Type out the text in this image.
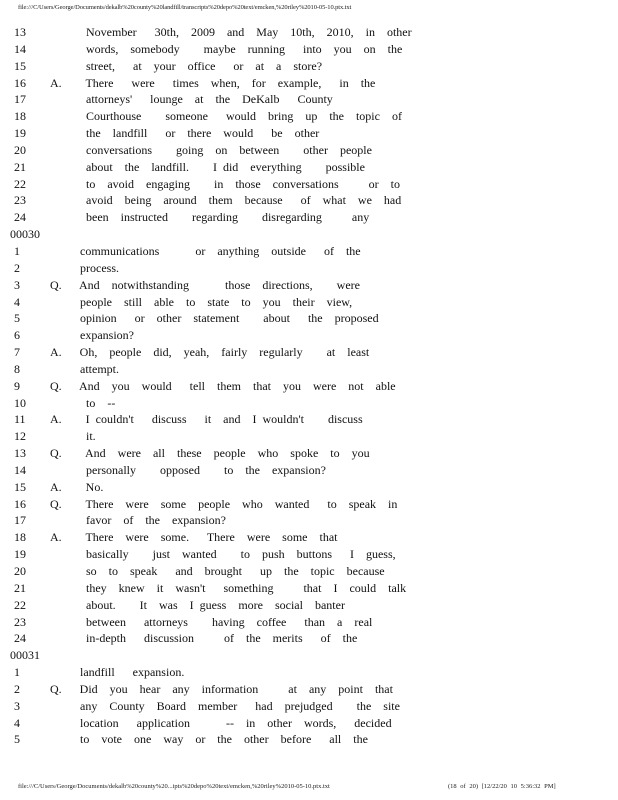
file:///C/Users/George/Documents/dekalb%20county%20landfill/transcripts%20depo%20text/emcken,%20riley%2010-05-10.ptx.txt
13	November   30th,  2009  and  May  10th,  2010,  in  other
14	words,  somebody    maybe  running   into  you  on  the
15	street,   at  your  office   or  at  a  store?
16	A.    There   were   times  when,  for  example,   in  the
17	attorneys'   lounge  at  the  DeKalb   County
18	Courthouse    someone   would  bring  up  the  topic  of
19	the  landfill   or  there  would   be  other
20	conversations    going  on  between    other  people
21	about  the  landfill.    I did  everything    possible
22	to  avoid  engaging    in  those  conversations     or  to
23	avoid  being  around  them  because   of  what  we  had
24	been  instructed    regarding    disregarding     any
00030
1	communications      or  anything  outside   of  the
2	process.
3	Q.   And  notwithstanding      those  directions,    were
4	people  still  able  to  state  to  you  their  view,
5	opinion   or  other  statement    about   the  proposed
6	expansion?
7	A.   Oh,  people  did,  yeah,  fairly  regularly    at  least
8	attempt.
9	Q.   And  you  would   tell  them  that  you  were  not  able
10	to  --
11	A.    I couldn't   discuss   it  and  I wouldn't    discuss
12	it.
13	Q.    And  were  all  these  people  who  spoke  to  you
14	personally    opposed    to  the  expansion?
15	A.    No.
16	Q.    There  were  some  people  who  wanted   to  speak  in
17	favor  of  the  expansion?
18	A.    There  were  some.   There  were  some  that
19	basically    just  wanted    to  push  buttons   I  guess,
20	so  to  speak   and  brought   up  the  topic  because
21	they  knew  it  wasn't   something     that  I  could  talk
22	about.    It  was  I guess  more  social  banter
23	between   attorneys    having  coffee   than  a  real
24	in-depth   discussion     of  the  merits   of  the
00031
1	landfill   expansion.
2	Q.   Did  you  hear  any  information     at  any  point  that
3	any  County  Board  member   had  prejudged    the  site
4	location   application      --  in  other  words,   decided
5	to  vote  one  way  or  the  other  before   all  the
file:///C/Users/George/Documents/dekalb%20county%20...ipts%20depo%20text/emcken,%20riley%2010-05-10.ptx.txt	(18 of 20) [12/22/20 10 5:36:32 PM]
